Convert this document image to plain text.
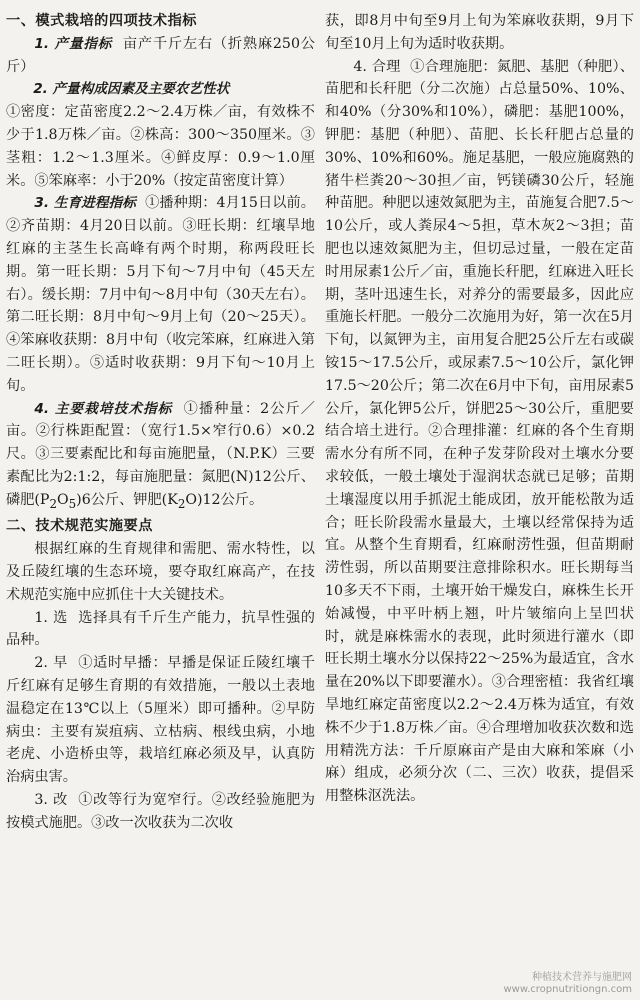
一、模式栽培的四项技术指标

1. 产量指标 亩产千斤左右（折熟麻250公斤）

2. 产量构成因素及主要农艺性状

①密度：定苗密度2.2～2.4万株／亩，有效株不少于1.8万株／亩。②株高：300～350厘米。③茎粗：1.2～1.3厘米。④鲜皮厚：0.9～1.0厘米。⑤笨麻率：小于20%（按定苗密度计算）

3. 生育进程指标 ①播种期：4月15日以前。②齐苗期：4月20日以前。③旺长期：红壤旱地红麻的主茎生长高峰有两个时期，称两段旺长期。第一旺长期：5月下旬～7月中旬（45天左右）。缓长期：7月中旬～8月中旬（30天左右）。第二旺长期：8月中旬～9月上旬（20～25天）。④笨麻收获期：8月中旬（收完笨麻，红麻进入第二旺长期）。⑤适时收获期：9月下旬～10月上旬。

4. 主要栽培技术指标 ①播种量：2公斤／亩。②行株距配置：（宽行1.5×窄行0.6）×0.2尺。③三要素配比和每亩施肥量，（N.P.K）三要素配比为2:1:2，每亩施肥量：氮肥(N)12公斤、磷肥$(P_2O_5)6$公斤、钾肥$(K_2O)12$公斤。

二、技术规范实施要点

根据红麻的生育规律和需肥、需水特性，以及丘陵红壤的生态环境，要夺取红麻高产，在技术规范实施中应抓住十大关键技术。

1. 选 选择具有千斤生产能力，抗旱性强的品种。

2. 早 ①适时早播：早播是保证丘陵红壤千斤红麻有足够生育期的有效措施，一般以土表地温稳定在13℃以上（5厘米）即可播种。②早防病虫：主要有炭疽病、立枯病、根线虫病，小地老虎、小造桥虫等，栽培红麻必须及早，认真防治病虫害。

3. 改 ①改等行为宽窄行。②改经验施肥为按模式施肥。③改一次收获为二次收

获，即8月中旬至9月上旬为笨麻收获期，9月下旬至10月上旬为适时收获期。

4. 合理 ①合理施肥：氮肥、基肥（种肥）、苗肥和长秆肥（分二次施）占总量50%、10%、和40%（分30%和10%），磷肥：基肥100%，钾肥：基肥（种肥）、苗肥、长长秆肥占总量的30%、10%和60%。施足基肥，一般应施腐熟的猪牛栏粪20～30担／亩，钙镁磷30公斤，轻施种苗肥。种肥以速效氮肥为主，苗施复合肥7.5～10公斤，或人粪尿4～5担，草木灰2～3担；苗肥也以速效氮肥为主，但切忌过量，一般在定苗时用尿素1公斤／亩，重施长秆肥，红麻进入旺长期，茎叶迅速生长，对养分的需要最多，因此应重施长杆肥。一般分二次施用为好，第一次在5月下旬，以氮钾为主，亩用复合肥25公斤左右或碳铵15～17.5公斤，或尿素7.5～10公斤，氯化钾17.5～20公斤；第二次在6月中下旬，亩用尿素5公斤，氯化钾5公斤，饼肥25～30公斤，重肥要结合培土进行。②合理排灌：红麻的各个生育期需水分有所不同，在种子发芽阶段对土壤水分要求较低，一般土壤处于湿润状态就已足够；苗期土壤湿度以用手抓泥土能成团，放开能松散为适合；旺长阶段需水量最大，土壤以经常保持为适宜。从整个生育期看，红麻耐涝性强，但苗期耐涝性弱，所以苗期要注意排除积水。旺长期每当10多天不下雨，土壤开始干燥发白，麻株生长开始减慢，中平叶柄上翘，叶片皱缩向上呈凹状时，就是麻株需水的表现，此时须进行灌水（即旺长期土壤水分以保持22～25%为最适宜，含水量在20%以下即要灌水）。③合理密植：我省红壤旱地红麻定苗密度以2.2～2.4万株为适宜，有效株不少于1.8万株／亩。④合理增加收获次数和选用精洗方法：千斤原麻亩产是由大麻和笨麻（小麻）组成，必须分次（二、三次）收获，提倡采用整株沤洗法。

种植技术营养与施肥网
www.cropnutritiongn.com
